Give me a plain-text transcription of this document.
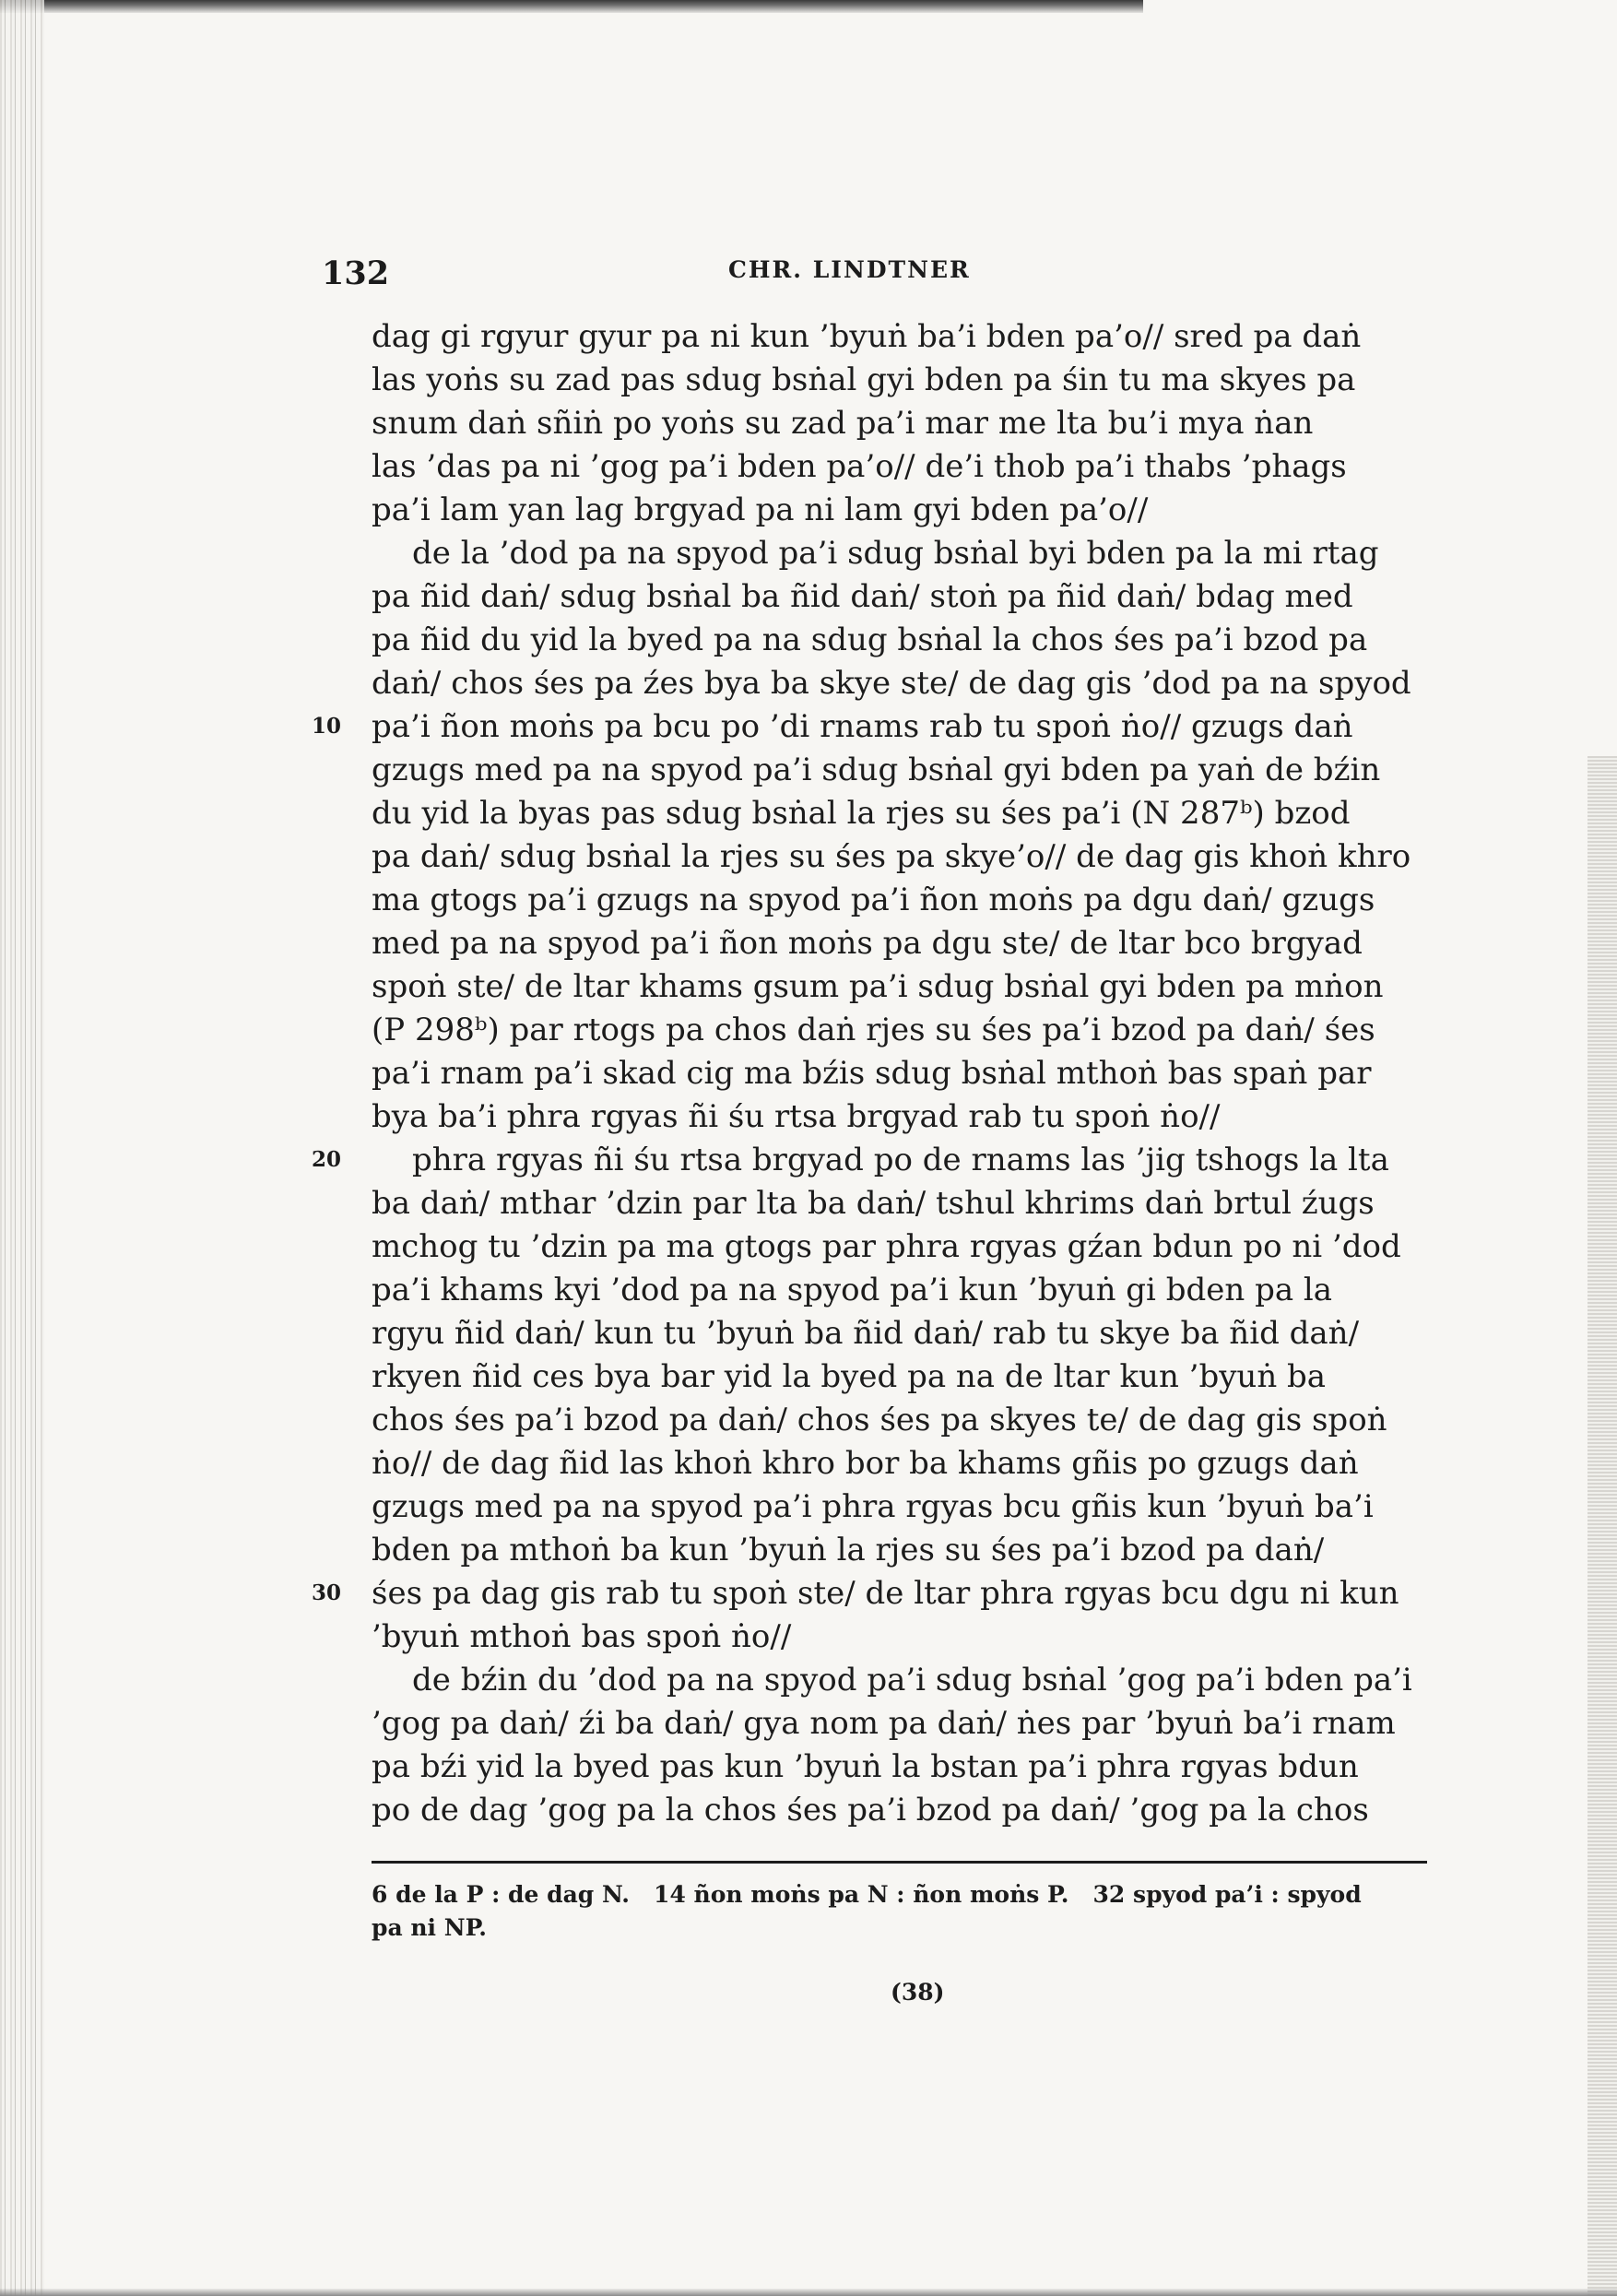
132	CHR. LINDTNER
dag gi rgyur gyur pa ni kun ’byuṅ ba’i bden pa’o// sred pa daṅ
las yoṅs su zad pas sdug bsṅal gyi bden pa śin tu ma skyes pa
snum daṅ sñiṅ po yoṅs su zad pa’i mar me lta bu’i mya ṅan
las ’das pa ni ’gog pa’i bden pa’o// de’i thob pa’i thabs ’phags
pa’i lam yan lag brgyad pa ni lam gyi bden pa’o//
de la ’dod pa na spyod pa’i sdug bsṅal byi bden pa la mi rtag
pa ñid daṅ/ sdug bsṅal ba ñid daṅ/ stoṅ pa ñid daṅ/ bdag med
pa ñid du yid la byed pa na sdug bsṅal la chos śes pa’i bzod pa
daṅ/ chos śes pa źes bya ba skye ste/ de dag gis ’dod pa na spyod
pa’i ñon moṅs pa bcu po ’di rnams rab tu spoṅ ṅo// gzugs daṅ
gzugs med pa na spyod pa’i sdug bsṅal gyi bden pa yaṅ de bźin
du yid la byas pas sdug bsṅal la rjes su śes pa’i (N 287ᵇ) bzod
pa daṅ/ sdug bsṅal la rjes su śes pa skye’o// de dag gis khoṅ khro
ma gtogs pa’i gzugs na spyod pa’i ñon moṅs pa dgu daṅ/ gzugs
med pa na spyod pa’i ñon moṅs pa dgu ste/ de ltar bco brgyad
spoṅ ste/ de ltar khams gsum pa’i sdug bsṅal gyi bden pa mṅon
(P 298ᵇ) par rtogs pa chos daṅ rjes su śes pa’i bzod pa daṅ/ śes
pa’i rnam pa’i skad cig ma bźis sdug bsṅal mthoṅ bas spaṅ par
bya ba’i phra rgyas ñi śu rtsa brgyad rab tu spoṅ ṅo//
phra rgyas ñi śu rtsa brgyad po de rnams las ’jig tshogs la lta
ba daṅ/ mthar ’dzin par lta ba daṅ/ tshul khrims daṅ brtul źugs
mchog tu ’dzin pa ma gtogs par phra rgyas gźan bdun po ni ’dod
pa’i khams kyi ’dod pa na spyod pa’i kun ’byuṅ gi bden pa la
rgyu ñid daṅ/ kun tu ’byuṅ ba ñid daṅ/ rab tu skye ba ñid daṅ/
rkyen ñid ces bya bar yid la byed pa na de ltar kun ’byuṅ ba
chos śes pa’i bzod pa daṅ/ chos śes pa skyes te/ de dag gis spoṅ
ṅo// de dag ñid las khoṅ khro bor ba khams gñis po gzugs daṅ
gzugs med pa na spyod pa’i phra rgyas bcu gñis kun ’byuṅ ba’i
bden pa mthoṅ ba kun ’byuṅ la rjes su śes pa’i bzod pa daṅ/
śes pa dag gis rab tu spoṅ ste/ de ltar phra rgyas bcu dgu ni kun
’byuṅ mthoṅ bas spoṅ ṅo//
de bźin du ’dod pa na spyod pa’i sdug bsṅal ’gog pa’i bden pa’i
’gog pa daṅ/ źi ba daṅ/ gya nom pa daṅ/ ṅes par ’byuṅ ba’i rnam
pa bźi yid la byed pas kun ’byuṅ la bstan pa’i phra rgyas bdun
po de dag ’gog pa la chos śes pa’i bzod pa daṅ/ ’gog pa la chos
10
20
30
6 de la P : de dag N.   14 ñon moṅs pa N : ñon moṅs P.   32 spyod pa’i : spyod
pa ni NP.
(38)
